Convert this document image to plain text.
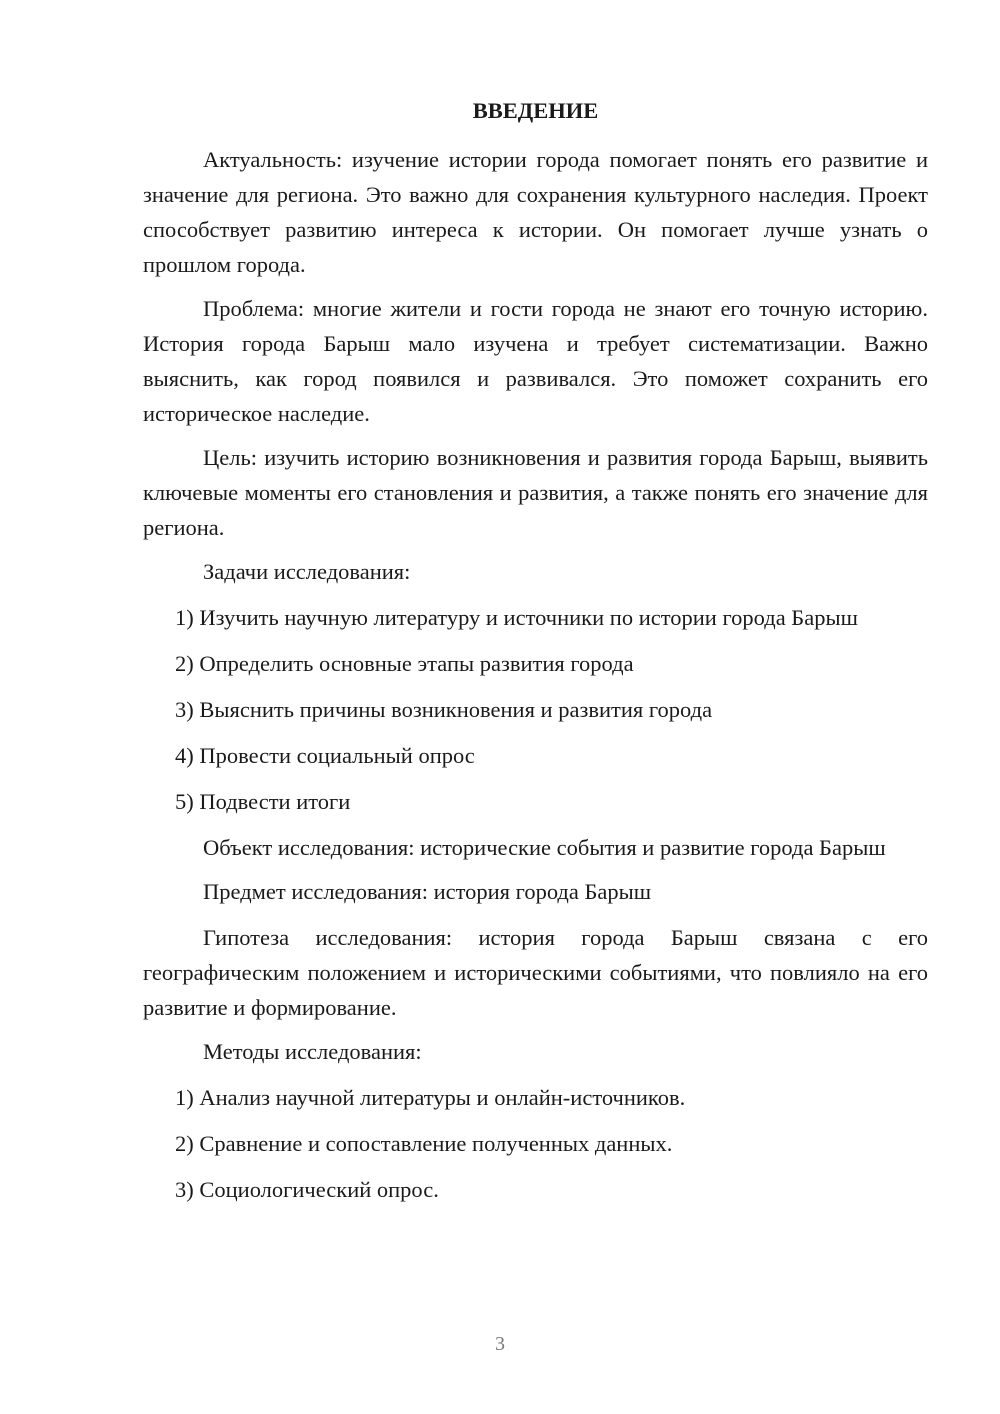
ВВЕДЕНИЕ

Актуальность: изучение истории города помогает понять его развитие и значение для региона. Это важно для сохранения культурного наследия. Проект способствует развитию интереса к истории. Он помогает лучше узнать о прошлом города.

Проблема: многие жители и гости города не знают его точную историю. История города Барыш мало изучена и требует систематизации. Важно выяснить, как город появился и развивался. Это поможет сохранить его историческое наследие.

Цель: изучить историю возникновения и развития города Барыш, выявить ключевые моменты его становления и развития, а также понять его значение для региона.

Задачи исследования:

1) Изучить научную литературу и источники по истории города Барыш

2) Определить основные этапы развития города

3) Выяснить причины возникновения и развития города

4) Провести социальный опрос

5) Подвести итоги

Объект исследования: исторические события и развитие города Барыш

Предмет исследования: история города Барыш

Гипотеза исследования: история города Барыш связана с его географическим положением и историческими событиями, что повлияло на его развитие и формирование.

Методы исследования:

1) Анализ научной литературы и онлайн-источников.

2) Сравнение и сопоставление полученных данных.

3) Социологический опрос.

3
